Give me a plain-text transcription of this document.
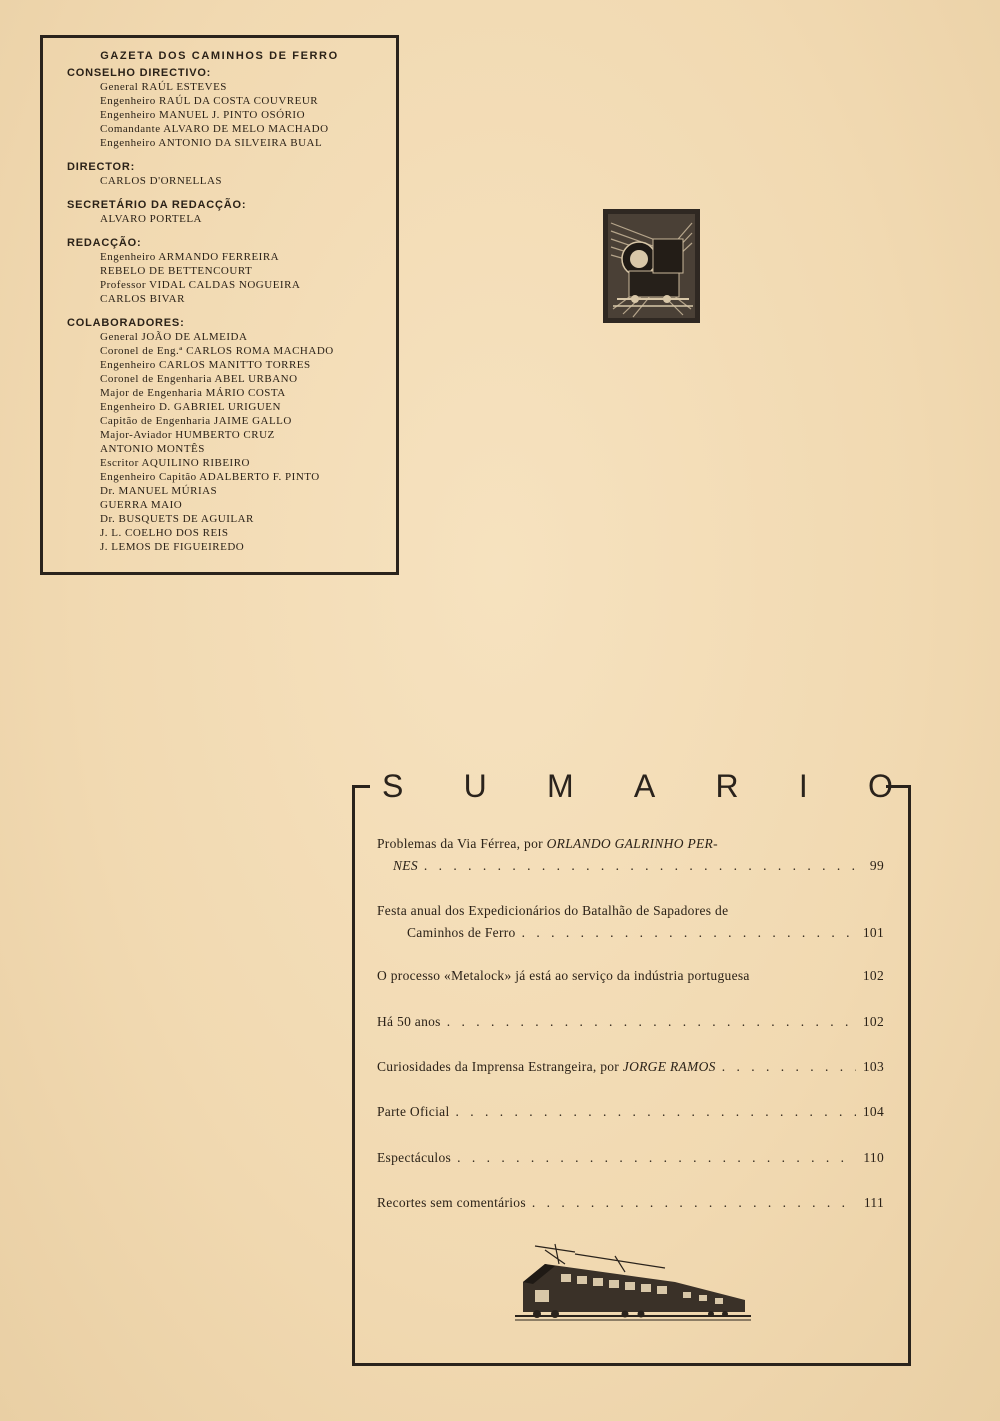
GAZETA DOS CAMINHOS DE FERRO
CONSELHO DIRECTIVO:
General RAÚL ESTEVES
Engenheiro RAÚL DA COSTA COUVREUR
Engenheiro MANUEL J. PINTO OSÓRIO
Comandante ALVARO DE MELO MACHADO
Engenheiro ANTONIO DA SILVEIRA BUAL
DIRECTOR:
CARLOS D'ORNELLAS
SECRETÁRIO DA REDACÇÃO:
ALVARO PORTELA
REDACÇÃO:
Engenheiro ARMANDO FERREIRA
REBELO DE BETTENCOURT
Professor VIDAL CALDAS NOGUEIRA
CARLOS BIVAR
COLABORADORES:
General JOÃO DE ALMEIDA
Coronel de Eng.ª CARLOS ROMA MACHADO
Engenheiro CARLOS MANITTO TORRES
Coronel de Engenharia ABEL URBANO
Major de Engenharia MÁRIO COSTA
Engenheiro D. GABRIEL URIGUEN
Capitão de Engenharia JAIME GALLO
Major-Aviador HUMBERTO CRUZ
ANTONIO MONTÊS
Escritor AQUILINO RIBEIRO
Engenheiro Capitão ADALBERTO F. PINTO
Dr. MANUEL MÚRIAS
GUERRA MAIO
Dr. BUSQUETS DE AGUILAR
J. L. COELHO DOS REIS
J. LEMOS DE FIGUEIREDO
S U M A R I O
Problemas da Via Férrea, por ORLANDO GALRINHO PER-
NES . . .	99
Festa anual dos Expedicionários do Batalhão de Sapadores de
Caminhos de Ferro . . .	101
O processo «Metalock» já está ao serviço da indústria portuguesa	102
Há 50 anos . . .	102
Curiosidades da Imprensa Estrangeira, por JORGE RAMOS . . .	103
Parte Oficial . . .	104
Espectáculos . . .	110
Recortes sem comentários . . .	111
